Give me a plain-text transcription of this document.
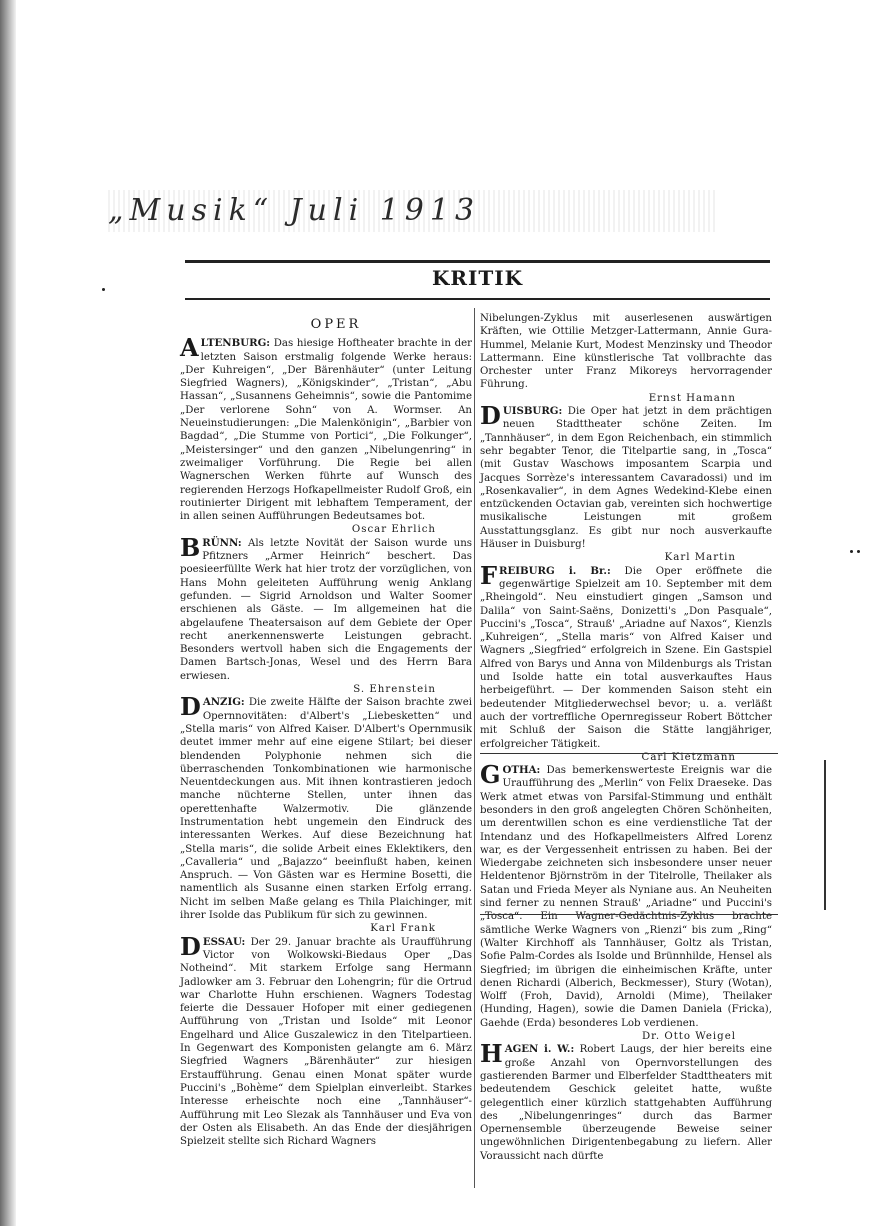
„Musik“ Juli 1913
KRITIK
OPER

ALTENBURG: Das hiesige Hoftheater brachte in der letzten Saison erstmalig folgende Werke heraus: „Der Kuhreigen“, „Der Bärenhäuter“ (unter Leitung Siegfried Wagners), „Königskinder“, „Tristan“, „Abu Hassan“, „Susannens Geheimnis“, sowie die Pantomime „Der verlorene Sohn“ von A. Wormser. An Neueinstudierungen: „Die Malenkönigin“, „Barbier von Bagdad“, „Die Stumme von Portici“, „Die Folkunger“, „Meistersinger“ und den ganzen „Nibelungenring“ in zweimaliger Vorführung. Die Regie bei allen Wagnerschen Werken führte auf Wunsch des regierenden Herzogs Hofkapellmeister Rudolf Groß, ein routinierter Dirigent mit lebhaftem Temperament, der in allen seinen Aufführungen Bedeutsames bot.

Oscar Ehrlich

BRÜNN: Als letzte Novität der Saison wurde uns Pfitzners „Armer Heinrich“ beschert. Das poesieerfüllte Werk hat hier trotz der vorzüglichen, von Hans Mohn geleiteten Aufführung wenig Anklang gefunden. — Sigrid Arnoldson und Walter Soomer erschienen als Gäste. — Im allgemeinen hat die abgelaufene Theatersaison auf dem Gebiete der Oper recht anerkennenswerte Leistungen gebracht. Besonders wertvoll haben sich die Engagements der Damen Bartsch-Jonas, Wesel und des Herrn Bara erwiesen.

S. Ehrenstein

DANZIG: Die zweite Hälfte der Saison brachte zwei Opernnovitäten: d'Albert's „Liebesketten“ und „Stella maris“ von Alfred Kaiser. D'Albert's Opernmusik deutet immer mehr auf eine eigene Stilart; bei dieser blendenden Polyphonie nehmen sich die überraschenden Tonkombinationen wie harmonische Neuentdeckungen aus. Mit ihnen kontrastieren jedoch manche nüchterne Stellen, unter ihnen das operettenhafte Walzermotiv. Die glänzende Instrumentation hebt ungemein den Eindruck des interessanten Werkes. Auf diese Bezeichnung hat „Stella maris“, die solide Arbeit eines Eklektikers, den „Cavalleria“ und „Bajazzo“ beeinflußt haben, keinen Anspruch. — Von Gästen war es Hermine Bosetti, die namentlich als Susanne einen starken Erfolg errang. Nicht im selben Maße gelang es Thila Plaichinger, mit ihrer Isolde das Publikum für sich zu gewinnen.

Karl Frank

DESSAU: Der 29. Januar brachte als Uraufführung Victor von Wolkowski-Biedaus Oper „Das Notheind“. Mit starkem Erfolge sang Hermann Jadlowker am 3. Februar den Lohengrin; für die Ortrud war Charlotte Huhn erschienen. Wagners Todestag feierte die Dessauer Hofoper mit einer gediegenen Aufführung von „Tristan und Isolde“ mit Leonor Engelhard und Alice Guszalewicz in den Titelpartieen. In Gegenwart des Komponisten gelangte am 6. März Siegfried Wagners „Bärenhäuter“ zur hiesigen Erstaufführung. Genau einen Monat später wurde Puccini's „Bohème“ dem Spielplan einverleibt. Starkes Interesse erheischte noch eine „Tannhäuser“-Aufführung mit Leo Slezak als Tannhäuser und Eva von der Osten als Elisabeth. An das Ende der diesjährigen Spielzeit stellte sich Richard Wagners

Nibelungen-Zyklus mit auserlesenen auswärtigen Kräften, wie Ottilie Metzger-Lattermann, Annie Gura-Hummel, Melanie Kurt, Modest Menzinsky und Theodor Lattermann. Eine künstlerische Tat vollbrachte das Orchester unter Franz Mikoreys hervorragender Führung.

Ernst Hamann

DUISBURG: Die Oper hat jetzt in dem prächtigen neuen Stadttheater schöne Zeiten. Im „Tannhäuser“, in dem Egon Reichenbach, ein stimmlich sehr begabter Tenor, die Titelpartie sang, in „Tosca“ (mit Gustav Waschows imposantem Scarpia und Jacques Sorrèze's interessantem Cavaradossi) und im „Rosenkavalier“, in dem Agnes Wedekind-Klebe einen entzückenden Octavian gab, vereinten sich hochwertige musikalische Leistungen mit großem Ausstattungsglanz. Es gibt nur noch ausverkaufte Häuser in Duisburg!

Karl Martin

FREIBURG i. Br.: Die Oper eröffnete die gegenwärtige Spielzeit am 10. September mit dem „Rheingold“. Neu einstudiert gingen „Samson und Dalila“ von Saint-Saëns, Donizetti's „Don Pasquale“, Puccini's „Tosca“, Strauß' „Ariadne auf Naxos“, Kienzls „Kuhreigen“, „Stella maris“ von Alfred Kaiser und Wagners „Siegfried“ erfolgreich in Szene. Ein Gastspiel Alfred von Barys und Anna von Mildenburgs als Tristan und Isolde hatte ein total ausverkauftes Haus herbeigeführt. — Der kommenden Saison steht ein bedeutender Mitgliederwechsel bevor; u. a. verläßt auch der vortreffliche Opernregisseur Robert Böttcher mit Schluß der Saison die Stätte langjähriger, erfolgreicher Tätigkeit.

Carl Kietzmann

GOTHA: Das bemerkenswerteste Ereignis war die Uraufführung des „Merlin“ von Felix Draeseke. Das Werk atmet etwas von Parsifal-Stimmung und enthält besonders in den groß angelegten Chören Schönheiten, um derentwillen schon es eine verdienstliche Tat der Intendanz und des Hofkapellmeisters Alfred Lorenz war, es der Vergessenheit entrissen zu haben. Bei der Wiedergabe zeichneten sich insbesondere unser neuer Heldentenor Björnström in der Titelrolle, Theilaker als Satan und Frieda Meyer als Nyniane aus. An Neuheiten sind ferner zu nennen Strauß' „Ariadne“ und Puccini's „Tosca“. Ein Wagner-Gedächtnis-Zyklus brachte sämtliche Werke Wagners von „Rienzi“ bis zum „Ring“ (Walter Kirchhoff als Tannhäuser, Goltz als Tristan, Sofie Palm-Cordes als Isolde und Brünnhilde, Hensel als Siegfried; im übrigen die einheimischen Kräfte, unter denen Richardi (Alberich, Beckmesser), Stury (Wotan), Wolff (Froh, David), Arnoldi (Mime), Theilaker (Hunding, Hagen), sowie die Damen Daniela (Fricka), Gaehde (Erda) besonderes Lob verdienen.

Dr. Otto Weigel

HAGEN i. W.: Robert Laugs, der hier bereits eine große Anzahl von Opernvorstellungen des gastierenden Barmer und Elberfelder Stadttheaters mit bedeutendem Geschick geleitet hatte, wußte gelegentlich einer kürzlich stattgehabten Aufführung des „Nibelungenringes“ durch das Barmer Opernensemble überzeugende Beweise seiner ungewöhnlichen Dirigentenbegabung zu liefern. Aller Voraussicht nach dürfte
